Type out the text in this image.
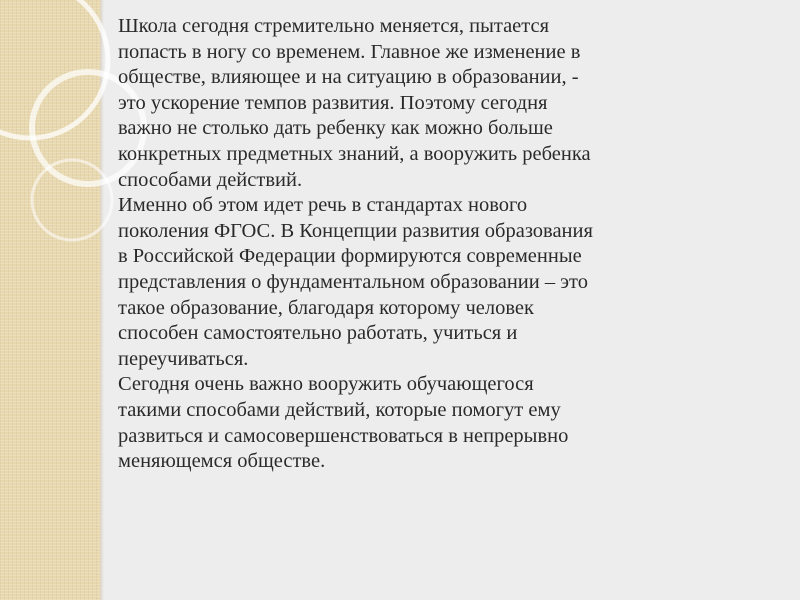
Школа сегодня стремительно меняется, пытается
попасть в ногу со временем. Главное же изменение в
обществе, влияющее и на ситуацию в образовании, -
это ускорение темпов развития. Поэтому сегодня
важно не столько дать ребенку как можно больше
конкретных предметных знаний, а вооружить ребенка
способами действий.

Именно об этом идет речь в стандартах нового
поколения ФГОС. В Концепции развития образования
в Российской Федерации формируются современные
представления о фундаментальном образовании – это
такое образование, благодаря которому человек
способен самостоятельно работать, учиться и
переучиваться.

Сегодня очень важно вооружить обучающегося
такими способами действий, которые помогут ему
развиться и самосовершенствоваться в непрерывно
меняющемся обществе.
